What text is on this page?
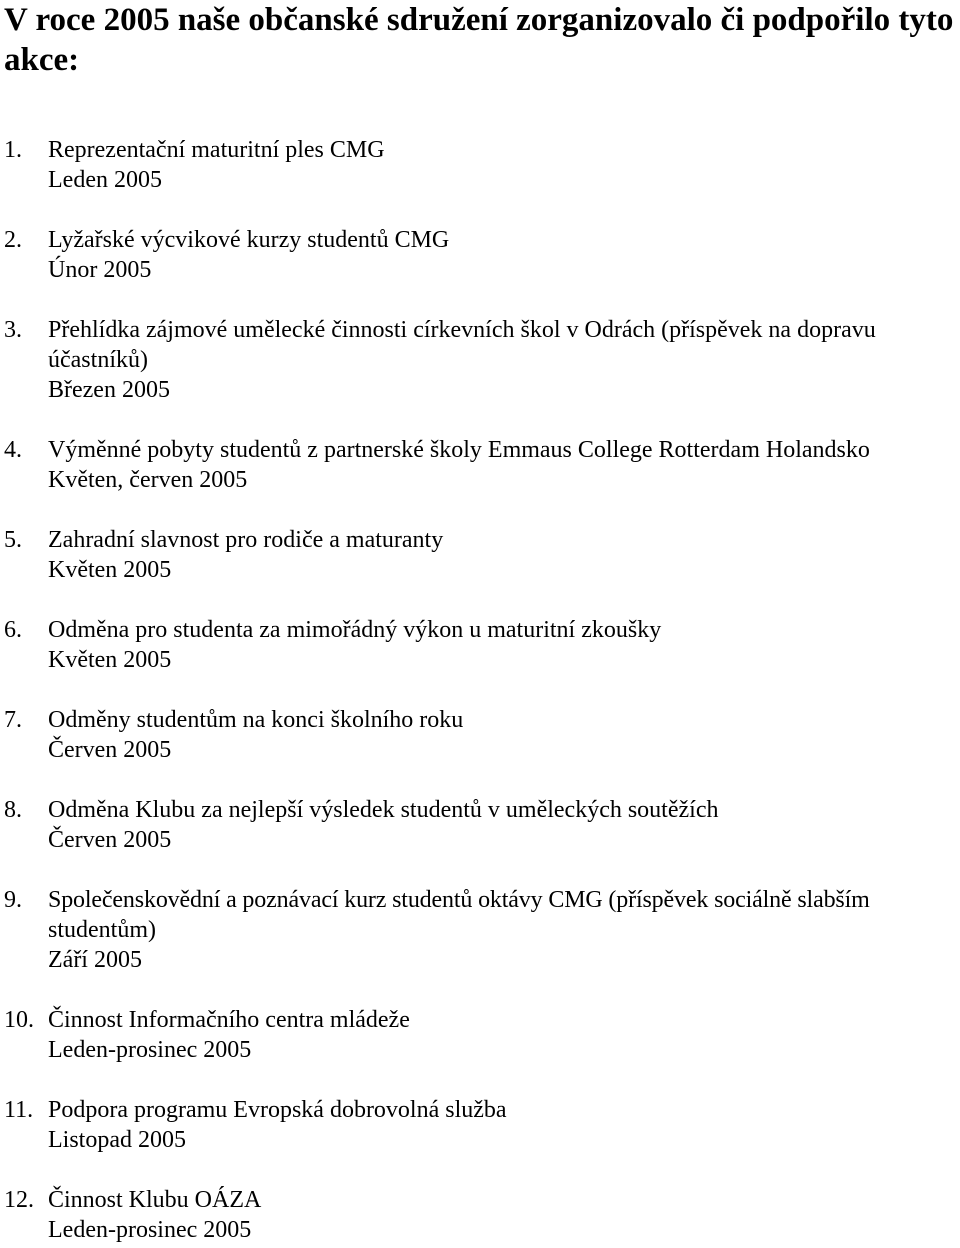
V roce 2005 naše občanské sdružení zorganizovalo či podpořilo tyto akce:
1. Reprezentační maturitní ples CMG
Leden 2005
2. Lyžařské výcvikové kurzy studentů CMG
Únor 2005
3. Přehlídka zájmové umělecké činnosti církevních škol v Odrách (příspěvek na dopravu
účastníků)
Březen 2005
4. Výměnné pobyty studentů z partnerské školy Emmaus College Rotterdam Holandsko
Květen, červen 2005
5. Zahradní slavnost pro rodiče a maturanty
Květen 2005
6. Odměna pro studenta za mimořádný výkon u maturitní zkoušky
Květen 2005
7. Odměny studentům na konci školního roku
Červen 2005
8. Odměna Klubu za nejlepší výsledek studentů v uměleckých soutěžích
Červen 2005
9. Společenskovědní a poznávací kurz studentů oktávy CMG (příspěvek sociálně slabším
studentům)
Září 2005
10. Činnost Informačního centra mládeže
Leden-prosinec 2005
11. Podpora programu Evropská dobrovolná služba
Listopad 2005
12. Činnost Klubu OÁZA
Leden-prosinec 2005
